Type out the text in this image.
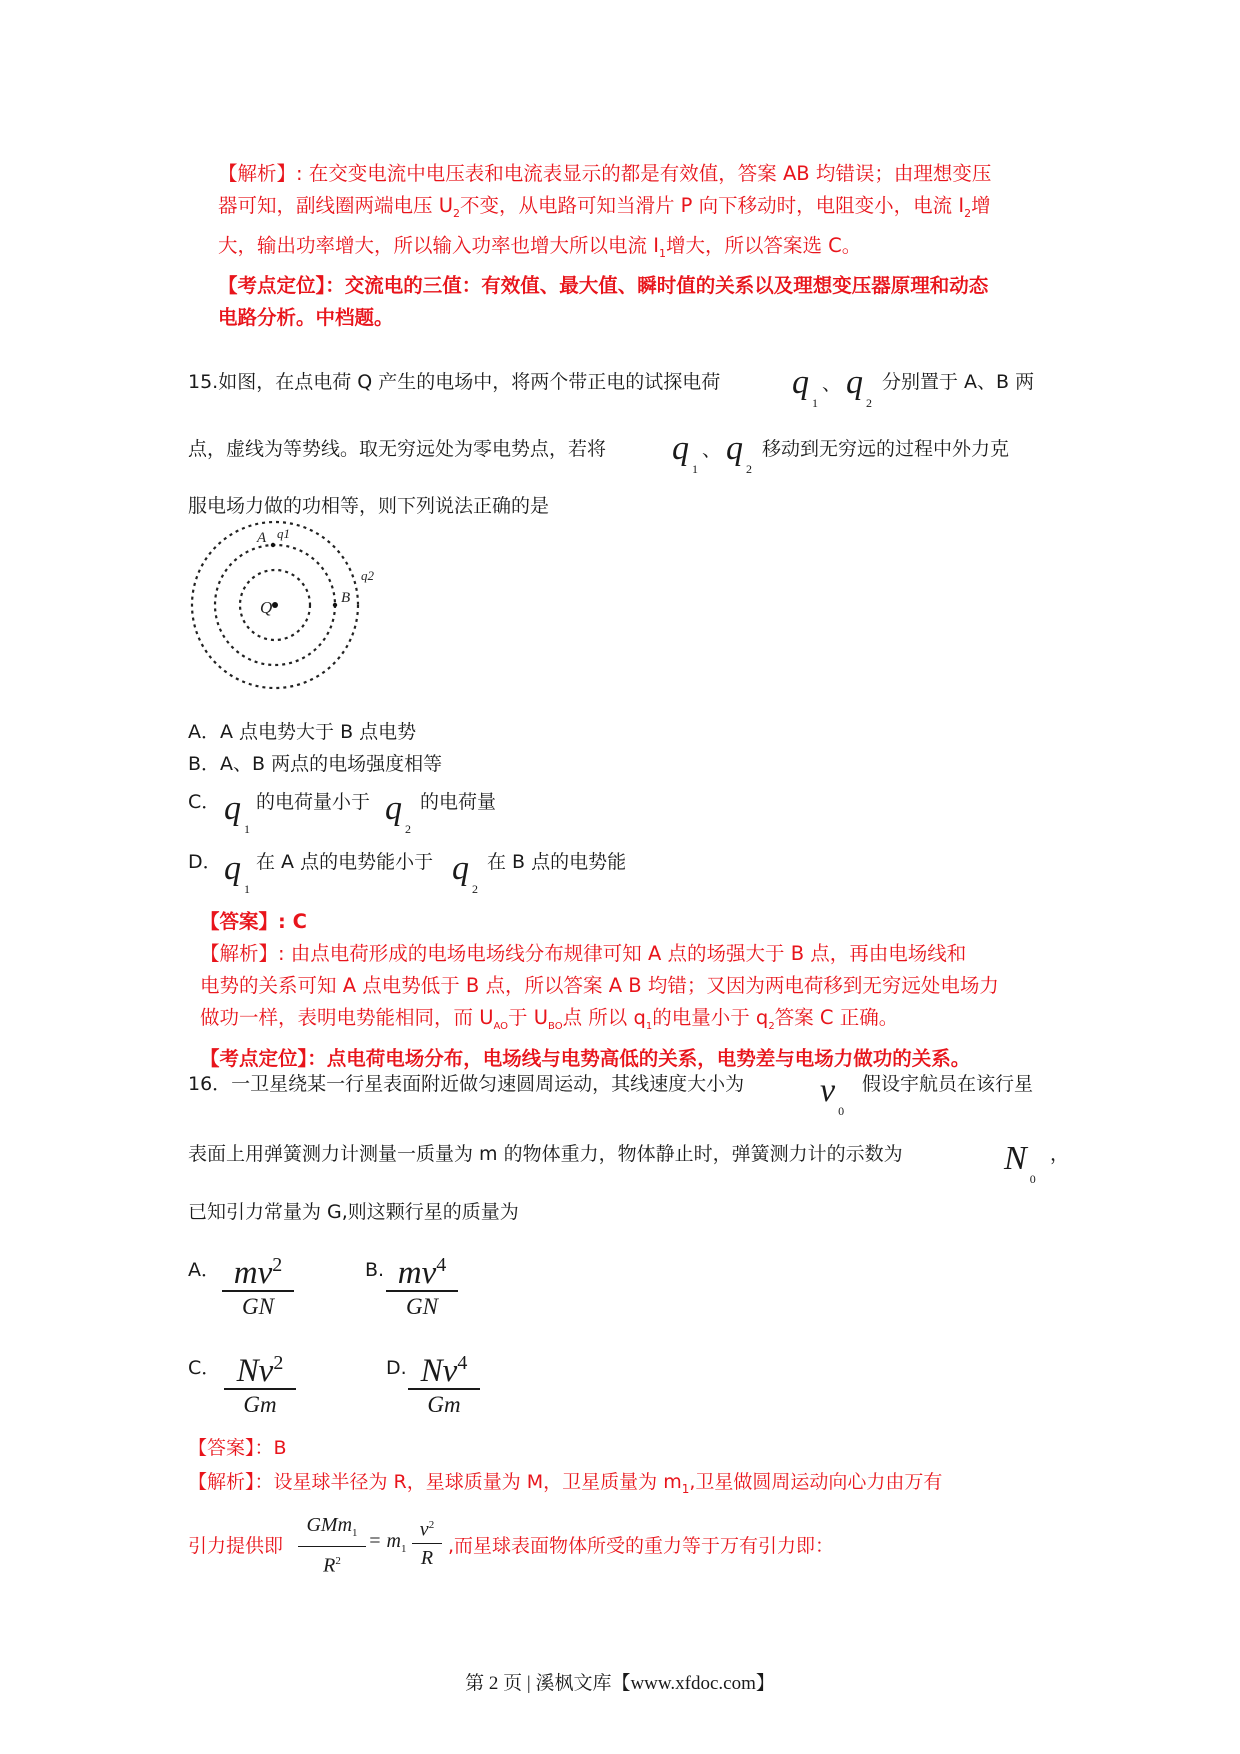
【解析】: 在交变电流中电压表和电流表显示的都是有效值，答案 AB 均错误；由理想变压
器可知，副线圈两端电压 $U_2$不变，从电路可知当滑片 P 向下移动时，电阻变小，电流 $I_2$增
大，输出功率增大，所以输入功率也增大所以电流 $I_1$增大，所以答案选 C。
【考点定位】：交流电的三值：有效值、最大值、瞬时值的关系以及理想变压器原理和动态
电路分析。中档题。
15.如图，在点电荷 Q 产生的电场中，将两个带正电的试探电荷 $q_1$
、 $q_2$
分别置于 A、B 两
点，虚线为等势线。取无穷远处为零电势点，若将 $q_1$
、 $q_2$
移动到无穷远的过程中外力克
服电场力做的功相等，则下列说法正确的是
A q1
q2
B
Q
A．A 点电势大于 B 点电势
B．A、B 两点的电场强度相等
C． $q_1$
的电荷量小于 $q_2$
的电荷量
D． $q_1$
在 A 点的电势能小于 $q_2$
在 B 点的电势能
【答案】: C
【解析】: 由点电荷形成的电场电场线分布规律可知 A 点的场强大于 B 点，再由电场线和
电势的关系可知 A 点电势低于 B 点，所以答案 A B 均错；又因为两电荷移到无穷远处电场力
做功一样，表明电势能相同，而 $U_{AO}$于 $U_{BO}$点 所以 $q_1$的电量小于 $q_2$答案 C 正确。
【考点定位】：点电荷电场分布，电场线与电势高低的关系，电势差与电场力做功的关系。
16．一卫星绕某一行星表面附近做匀速圆周运动，其线速度大小为 $v_0$
假设宇航员在该行星
表面上用弹簧测力计测量一质量为 m 的物体重力，物体静止时，弹簧测力计的示数为	$N_0$
，
已知引力常量为 G,则这颗行星的质量为
A． $mv^2$
GN
B. $mv^4$
GN
C． Nv$^2$
Gm
D. Nv$^4$
Gm
【答案】：B
【解析】：设星球半径为 R，星球质量为 M，卫星质量为 $m_1$,卫星做圆周运动向心力由万有
引力提供即
GMm$_1$
$R^2$
= $m_1$
$v^2$
R
,而星球表面物体所受的重力等于万有引力即：
第 2 页 | 溪枫文库【www.xfdoc.com】
